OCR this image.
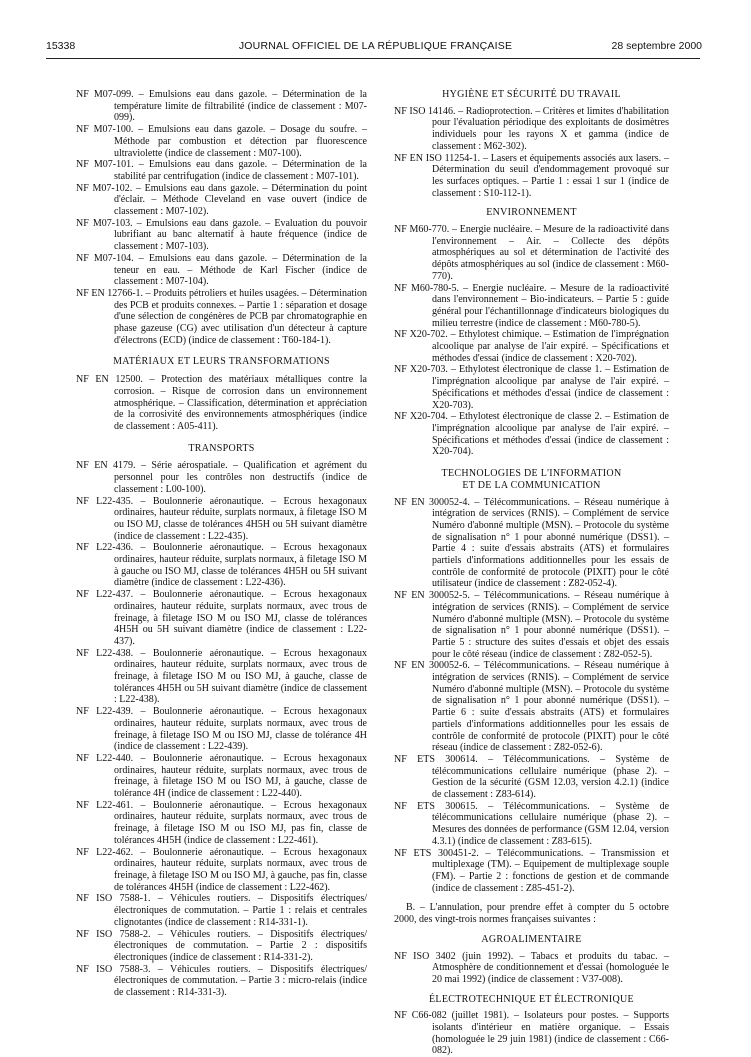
15338	JOURNAL OFFICIEL DE LA RÉPUBLIQUE FRANÇAISE	28 septembre 2000

NF M07-099. – Emulsions eau dans gazole. – Détermination de la température limite de filtrabilité (indice de classement : M07-099).

NF M07-100. – Emulsions eau dans gazole. – Dosage du soufre. – Méthode par combustion et détection par fluorescence ultraviolette (indice de classement : M07-100).

NF M07-101. – Emulsions eau dans gazole. – Détermination de la stabilité par centrifugation (indice de classement : M07-101).

NF M07-102. – Emulsions eau dans gazole. – Détermination du point d'éclair. – Méthode Cleveland en vase ouvert (indice de classement : M07-102).

NF M07-103. – Emulsions eau dans gazole. – Evaluation du pouvoir lubrifiant au banc alternatif à haute fréquence (indice de classement : M07-103).

NF M07-104. – Emulsions eau dans gazole. – Détermination de la teneur en eau. – Méthode de Karl Fischer (indice de classement : M07-104).

NF EN 12766-1. – Produits pétroliers et huiles usagées. – Détermination des PCB et produits connexes. – Partie 1 : séparation et dosage d'une sélection de congénères de PCB par chromatographie en phase gazeuse (CG) avec utilisation d'un détecteur à capture d'électrons (ECD) (indice de classement : T60-184-1).

MATÉRIAUX ET LEURS TRANSFORMATIONS

NF EN 12500. – Protection des matériaux métalliques contre la corrosion. – Risque de corrosion dans un environnement atmosphérique. – Classification, détermination et appréciation de la corrosivité des environnements atmosphériques (indice de classement : A05-411).

TRANSPORTS

NF EN 4179. – Série aérospatiale. – Qualification et agrément du personnel pour les contrôles non destructifs (indice de classement : L00-100).

NF L22-435. – Boulonnerie aéronautique. – Ecrous hexagonaux ordinaires, hauteur réduite, surplats normaux, à filetage ISO M ou ISO MJ, classe de tolérances 4H5H ou 5H suivant diamètre (indice de classement : L22-435).

NF L22-436. – Boulonnerie aéronautique. – Ecrous hexagonaux ordinaires, hauteur réduite, surplats normaux, à filetage ISO M à gauche ou ISO MJ, classe de tolérances 4H5H ou 5H suivant diamètre (indice de classement : L22-436).

NF L22-437. – Boulonnerie aéronautique. – Ecrous hexagonaux ordinaires, hauteur réduite, surplats normaux, avec trous de freinage, à filetage ISO M ou ISO MJ, classe de tolérances 4H5H ou 5H suivant diamètre (indice de classement : L22-437).

NF L22-438. – Boulonnerie aéronautique. – Ecrous hexagonaux ordinaires, hauteur réduite, surplats normaux, avec trous de freinage, à filetage ISO M ou ISO MJ, à gauche, classe de tolérances 4H5H ou 5H suivant diamètre (indice de classement : L22-438).

NF L22-439. – Boulonnerie aéronautique. – Ecrous hexagonaux ordinaires, hauteur réduite, surplats normaux, avec trous de freinage, à filetage ISO M ou ISO MJ, classe de tolérance 4H (indice de classement : L22-439).

NF L22-440. – Boulonnerie aéronautique. – Ecrous hexagonaux ordinaires, hauteur réduite, surplats normaux, avec trous de freinage, à filetage ISO M ou ISO MJ, à gauche, classe de tolérance 4H (indice de classement : L22-440).

NF L22-461. – Boulonnerie aéronautique. – Ecrous hexagonaux ordinaires, hauteur réduite, surplats normaux, avec trous de freinage, à filetage ISO M ou ISO MJ, pas fin, classe de tolérances 4H5H (indice de classement : L22-461).

NF L22-462. – Boulonnerie aéronautique. – Ecrous hexagonaux ordinaires, hauteur réduite, surplats normaux, avec trous de freinage, à filetage ISO M ou ISO MJ, à gauche, pas fin, classe de tolérances 4H5H (indice de classement : L22-462).

NF ISO 7588-1. – Véhicules routiers. – Dispositifs électriques/électroniques de commutation. – Partie 1 : relais et centrales clignotantes (indice de classement : R14-331-1).

NF ISO 7588-2. – Véhicules routiers. – Dispositifs électriques/électroniques de commutation. – Partie 2 : dispositifs électroniques (indice de classement : R14-331-2).

NF ISO 7588-3. – Véhicules routiers. – Dispositifs électriques/électroniques de commutation. – Partie 3 : micro-relais (indice de classement : R14-331-3).

HYGIÈNE ET SÉCURITÉ DU TRAVAIL

NF ISO 14146. – Radioprotection. – Critères et limites d'habilitation pour l'évaluation périodique des exploitants de dosimètres individuels pour les rayons X et gamma (indice de classement : M62-302).

NF EN ISO 11254-1. – Lasers et équipements associés aux lasers. – Détermination du seuil d'endommagement provoqué sur les surfaces optiques. – Partie 1 : essai 1 sur 1 (indice de classement : S10-112-1).

ENVIRONNEMENT

NF M60-770. – Energie nucléaire. – Mesure de la radioactivité dans l'environnement – Air. – Collecte des dépôts atmosphériques au sol et détermination de l'activité des dépôts atmosphériques au sol (indice de classement : M60-770).

NF M60-780-5. – Energie nucléaire. – Mesure de la radioactivité dans l'environnement – Bio-indicateurs. – Partie 5 : guide général pour l'échantillonnage d'indicateurs biologiques du milieu terrestre (indice de classement : M60-780-5).

NF X20-702. – Ethylotest chimique. – Estimation de l'imprégnation alcoolique par analyse de l'air expiré. – Spécifications et méthodes d'essai (indice de classement : X20-702).

NF X20-703. – Ethylotest électronique de classe 1. – Estimation de l'imprégnation alcoolique par analyse de l'air expiré. – Spécifications et méthodes d'essai (indice de classement : X20-703).

NF X20-704. – Ethylotest électronique de classe 2. – Estimation de l'imprégnation alcoolique par analyse de l'air expiré. – Spécifications et méthodes d'essai (indice de classement : X20-704).

TECHNOLOGIES DE L'INFORMATION

ET DE LA COMMUNICATION

NF EN 300052-4. – Télécommunications. – Réseau numérique à intégration de services (RNIS). – Complément de service Numéro d'abonné multiple (MSN). – Protocole du système de signalisation n° 1 pour abonné numérique (DSS1). – Partie 4 : suite d'essais abstraits (ATS) et formulaires partiels d'informations additionnelles pour les essais de contrôle de conformité de protocole (PIXIT) pour le côté utilisateur (indice de classement : Z82-052-4).

NF EN 300052-5. – Télécommunications. – Réseau numérique à intégration de services (RNIS). – Complément de service Numéro d'abonné multiple (MSN). – Protocole du système de signalisation n° 1 pour abonné numérique (DSS1). – Partie 5 : structure des suites d'essais et objet des essais pour le côté réseau (indice de classement : Z82-052-5).

NF EN 300052-6. – Télécommunications. – Réseau numérique à intégration de services (RNIS). – Complément de service Numéro d'abonné multiple (MSN). – Protocole du système de signalisation n° 1 pour abonné numérique (DSS1). – Partie 6 : suite d'essais abstraits (ATS) et formulaires partiels d'informations additionnelles pour les essais de contrôle de conformité de protocole (PIXIT) pour le côté réseau (indice de classement : Z82-052-6).

NF ETS 300614. – Télécommunications. – Système de télécommunications cellulaire numérique (phase 2). – Gestion de la sécurité (GSM 12.03, version 4.2.1) (indice de classement : Z83-614).

NF ETS 300615. – Télécommunications. – Système de télécommunications cellulaire numérique (phase 2). – Mesures des données de performance (GSM 12.04, version 4.3.1) (indice de classement : Z83-615).

NF ETS 300451-2. – Télécommunications. – Transmission et multiplexage (TM). – Equipement de multiplexage souple (FM). – Partie 2 : fonctions de gestion et de commande (indice de classement : Z85-451-2).

B. – L'annulation, pour prendre effet à compter du 5 octobre 2000, des vingt-trois normes françaises suivantes :

AGROALIMENTAIRE

NF ISO 3402 (juin 1992). – Tabacs et produits du tabac. – Atmosphère de conditionnement et d'essai (homologuée le 20 mai 1992) (indice de classement : V37-008).

ÉLECTROTECHNIQUE ET ÉLECTRONIQUE

NF C66-082 (juillet 1981). – Isolateurs pour postes. – Supports isolants d'intérieur en matière organique. – Essais (homologuée le 29 juin 1981) (indice de classement : C66-082).
